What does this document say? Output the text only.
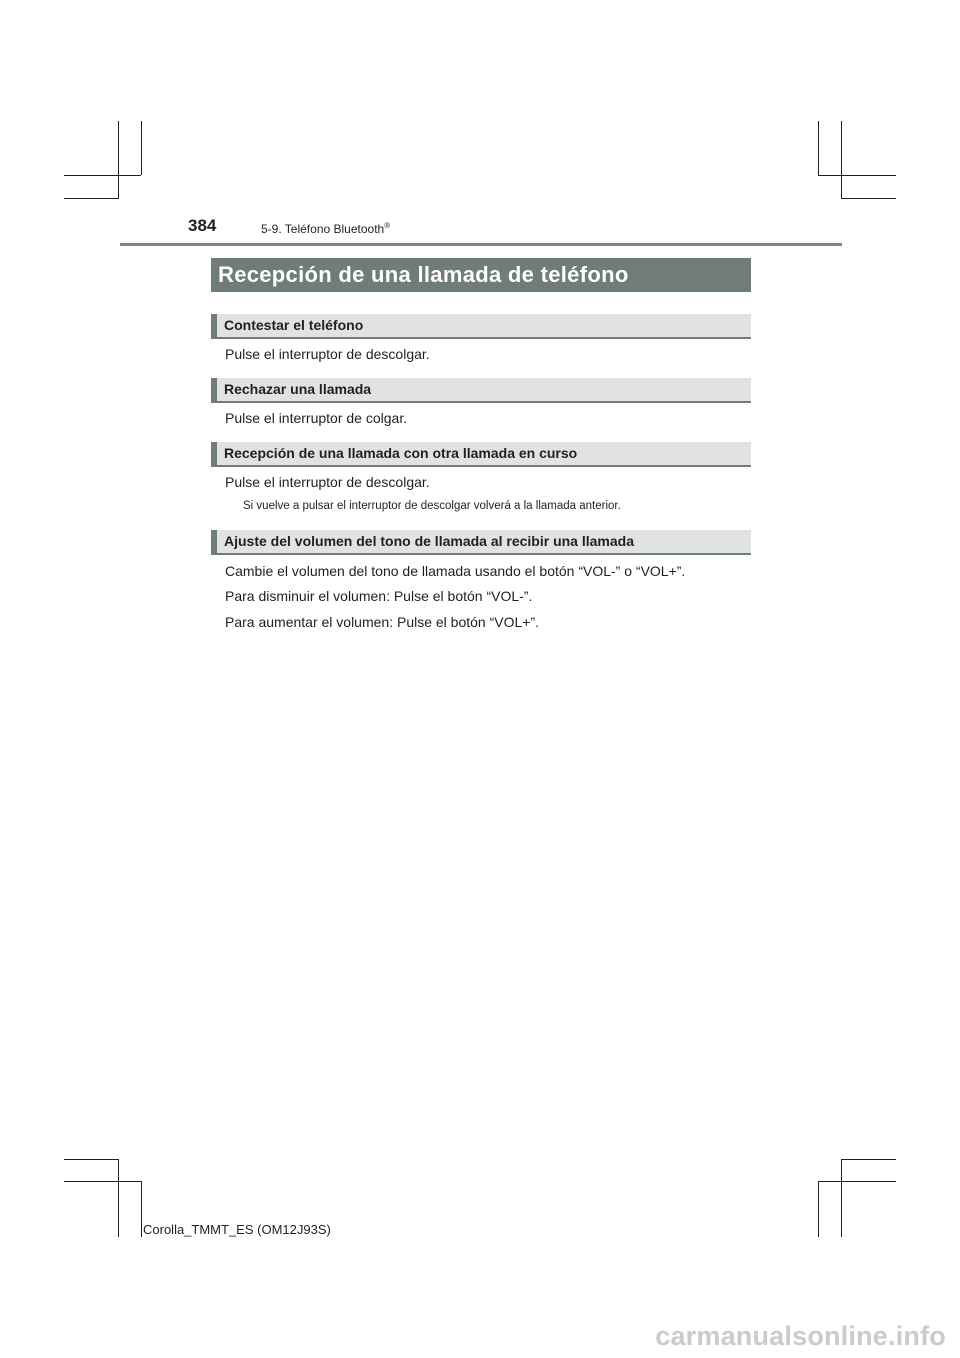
384	5-9. Teléfono Bluetooth®
Recepción de una llamada de teléfono
Contestar el teléfono
Pulse el interruptor de descolgar.
Rechazar una llamada
Pulse el interruptor de colgar.
Recepción de una llamada con otra llamada en curso
Pulse el interruptor de descolgar.
Si vuelve a pulsar el interruptor de descolgar volverá a la llamada anterior.
Ajuste del volumen del tono de llamada al recibir una llamada
Cambie el volumen del tono de llamada usando el botón “VOL-” o “VOL+”.
Para disminuir el volumen: Pulse el botón “VOL-”.
Para aumentar el volumen: Pulse el botón “VOL+”.
Corolla_TMMT_ES (OM12J93S)
carmanualsonline.info
